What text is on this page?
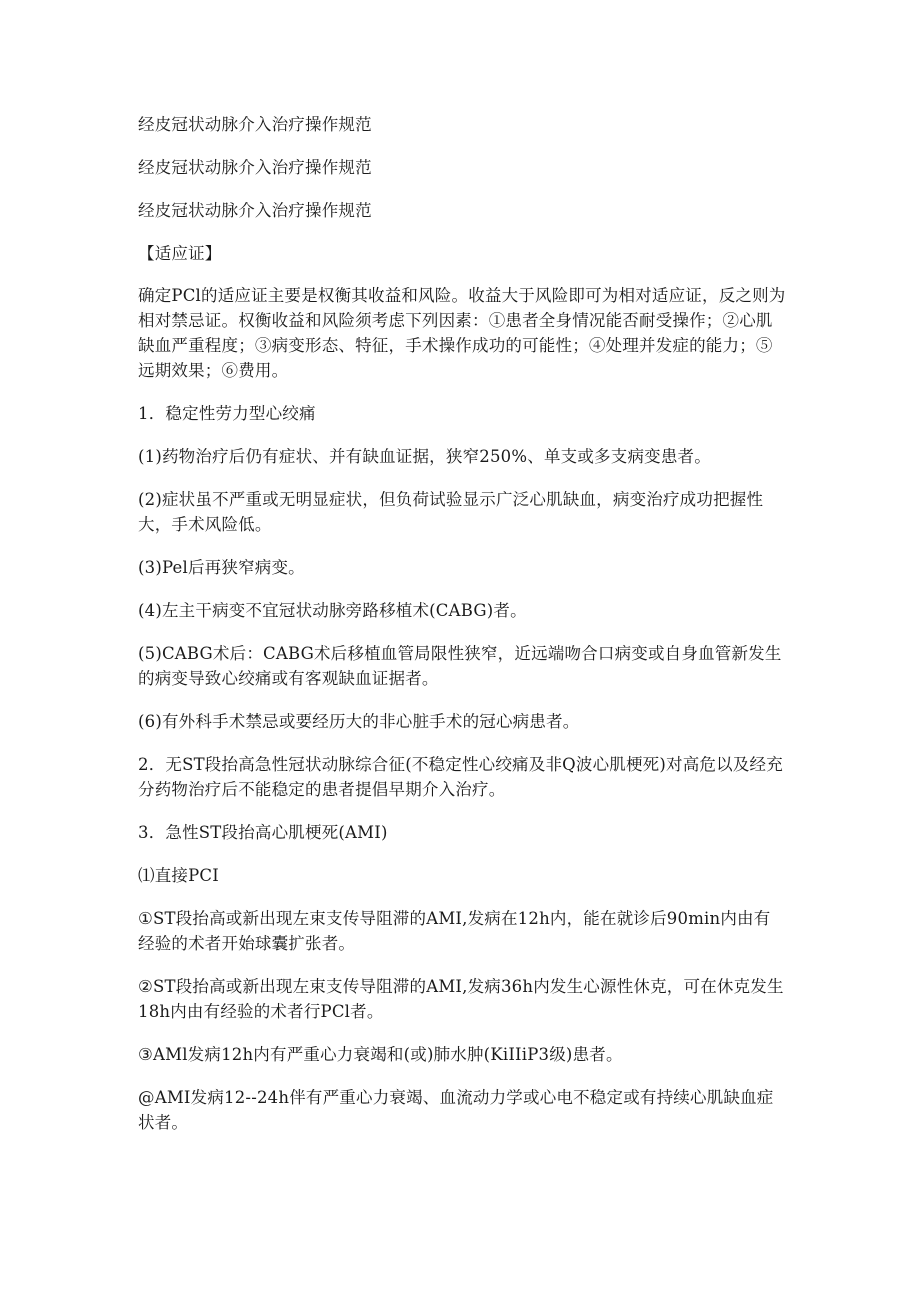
经皮冠状动脉介入治疗操作规范

经皮冠状动脉介入治疗操作规范

经皮冠状动脉介入治疗操作规范

【适应证】

确定PCl的适应证主要是权衡其收益和风险。收益大于风险即可为相对适应证，反之则为相对禁忌证。权衡收益和风险须考虑下列因素：①患者全身情况能否耐受操作；②心肌缺血严重程度；③病变形态、特征，手术操作成功的可能性；④处理并发症的能力；⑤远期效果；⑥费用。

1．稳定性劳力型心绞痛

(1)药物治疗后仍有症状、并有缺血证据，狭窄250%、单支或多支病变患者。

(2)症状虽不严重或无明显症状，但负荷试验显示广泛心肌缺血，病变治疗成功把握性大，手术风险低。

(3)Pel后再狭窄病变。

(4)左主干病变不宜冠状动脉旁路移植术(CABG)者。

(5)CABG术后：CABG术后移植血管局限性狭窄，近远端吻合口病变或自身血管新发生的病变导致心绞痛或有客观缺血证据者。

(6)有外科手术禁忌或要经历大的非心脏手术的冠心病患者。

2．无ST段抬高急性冠状动脉综合征(不稳定性心绞痛及非Q波心肌梗死)对高危以及经充分药物治疗后不能稳定的患者提倡早期介入治疗。

3．急性ST段抬高心肌梗死(AMI)

⑴直接PCI

①ST段抬高或新出现左束支传导阻滞的AMI,发病在12h内，能在就诊后90min内由有经验的术者开始球囊扩张者。

②ST段抬高或新出现左束支传导阻滞的AMI,发病36h内发生心源性休克，可在休克发生18h内由有经验的术者行PCl者。

③AMl发病12h内有严重心力衰竭和(或)肺水肿(KiIIiP3级)患者。

@AMI发病12--24h伴有严重心力衰竭、血流动力学或心电不稳定或有持续心肌缺血症状者。
